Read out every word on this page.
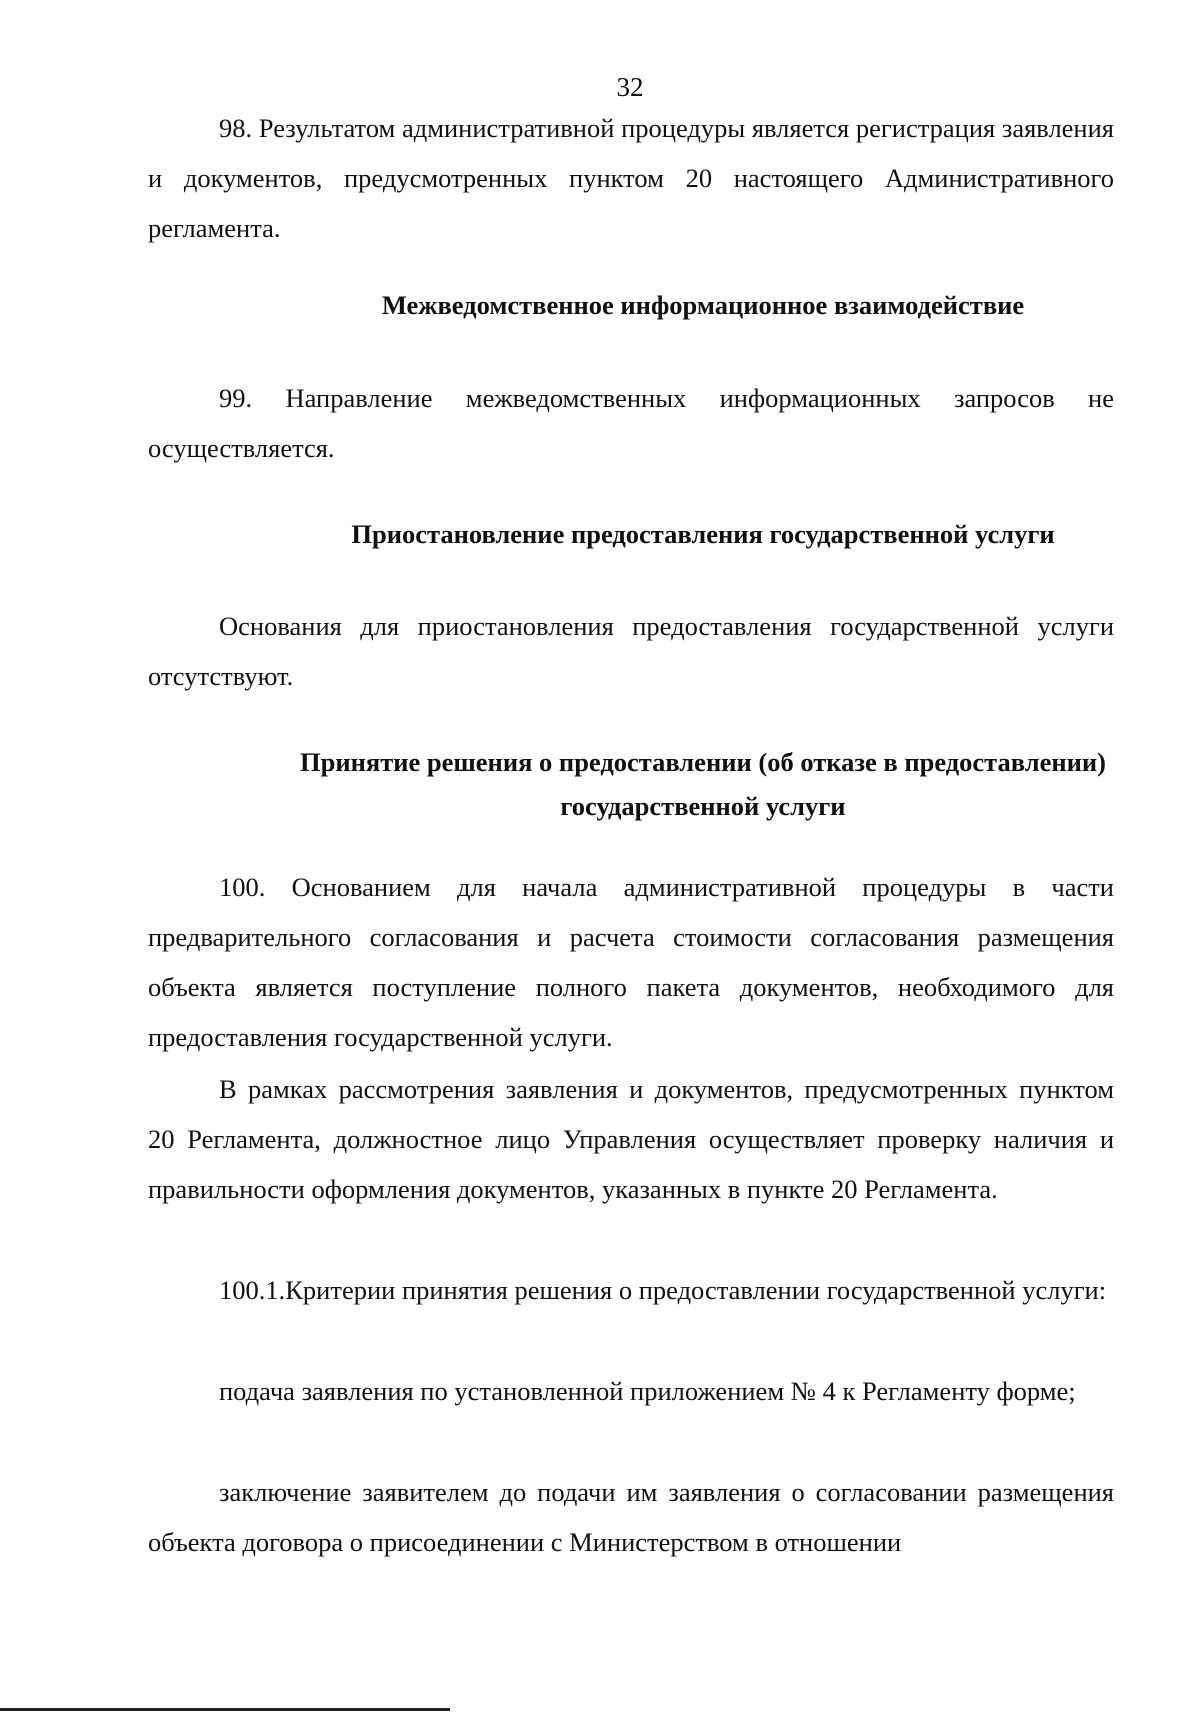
32
98. Результатом административной процедуры является регистрация заявления и документов, предусмотренных пунктом 20 настоящего Административного регламента.
Межведомственное информационное взаимодействие
99. Направление межведомственных информационных запросов не осуществляется.
Приостановление предоставления государственной услуги
Основания для приостановления предоставления государственной услуги отсутствуют.
Принятие решения о предоставлении (об отказе в предоставлении)
государственной услуги
100. Основанием для начала административной процедуры в части предварительного согласования и расчета стоимости согласования размещения объекта является поступление полного пакета документов, необходимого для предоставления государственной услуги.
В рамках рассмотрения заявления и документов, предусмотренных пунктом 20 Регламента, должностное лицо Управления осуществляет проверку наличия и правильности оформления документов, указанных в пункте 20 Регламента.
100.1.Критерии принятия решения о предоставлении государственной услуги:
подача заявления по установленной приложением № 4 к Регламенту форме;
заключение заявителем до подачи им заявления о согласовании размещения объекта договора о присоединении с Министерством в отношении
